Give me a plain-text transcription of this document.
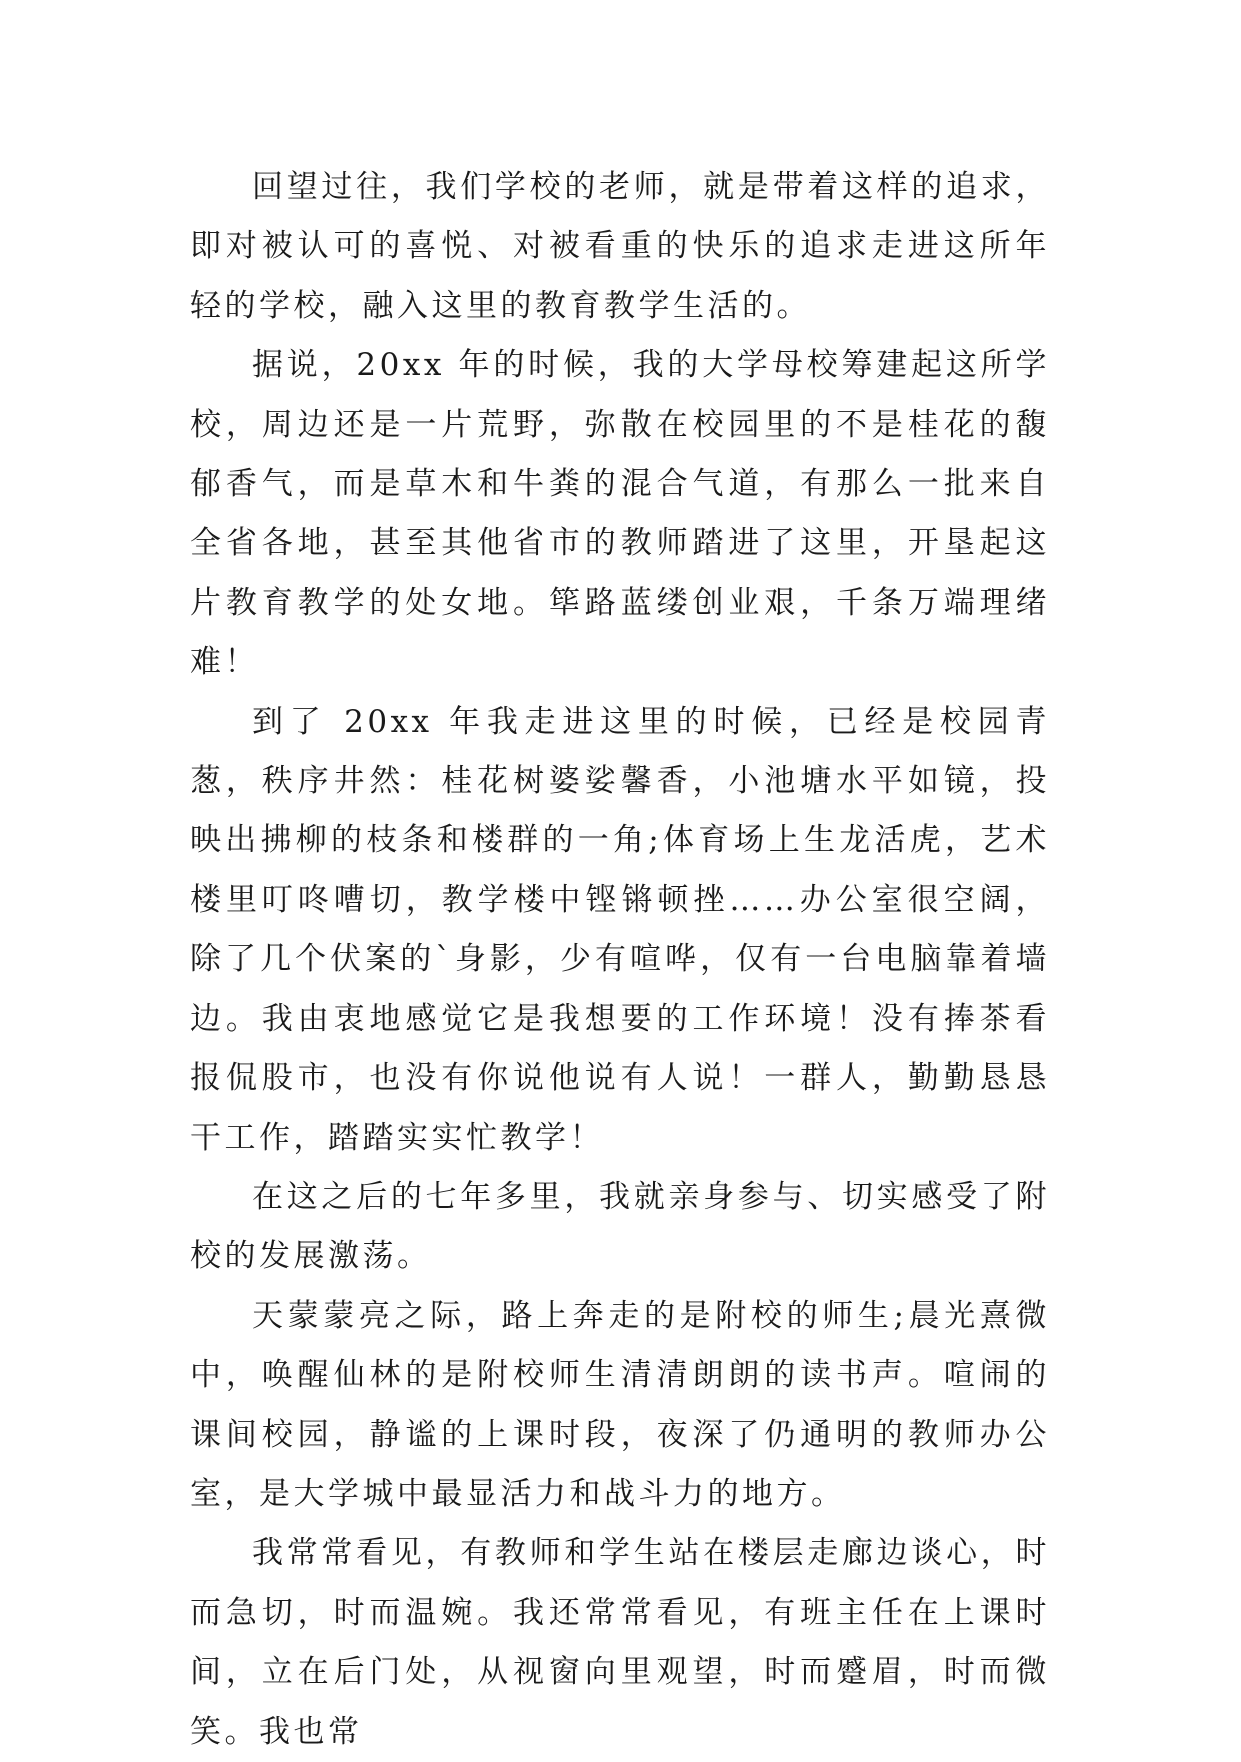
回望过往，我们学校的老师，就是带着这样的追求，即对被认可的喜悦、对被看重的快乐的追求走进这所年轻的学校，融入这里的教育教学生活的。

据说，20xx 年的时候，我的大学母校筹建起这所学校，周边还是一片荒野，弥散在校园里的不是桂花的馥郁香气，而是草木和牛粪的混合气道，有那么一批来自全省各地，甚至其他省市的教师踏进了这里，开垦起这片教育教学的处女地。筚路蓝缕创业艰，千条万端理绪难！

到了 20xx 年我走进这里的时候，已经是校园青葱，秩序井然：桂花树婆娑馨香，小池塘水平如镜，投映出拂柳的枝条和楼群的一角;体育场上生龙活虎，艺术楼里叮咚嘈切，教学楼中铿锵顿挫……办公室很空阔，除了几个伏案的`身影，少有喧哗，仅有一台电脑靠着墙边。我由衷地感觉它是我想要的工作环境！没有捧茶看报侃股市，也没有你说他说有人说！一群人，勤勤恳恳干工作，踏踏实实忙教学！

在这之后的七年多里，我就亲身参与、切实感受了附校的发展激荡。

天蒙蒙亮之际，路上奔走的是附校的师生;晨光熹微中，唤醒仙林的是附校师生清清朗朗的读书声。喧闹的课间校园，静谧的上课时段，夜深了仍通明的教师办公室，是大学城中最显活力和战斗力的地方。

我常常看见，有教师和学生站在楼层走廊边谈心，时而急切，时而温婉。我还常常看见，有班主任在上课时间，立在后门处，从视窗向里观望，时而蹙眉，时而微笑。我也常
